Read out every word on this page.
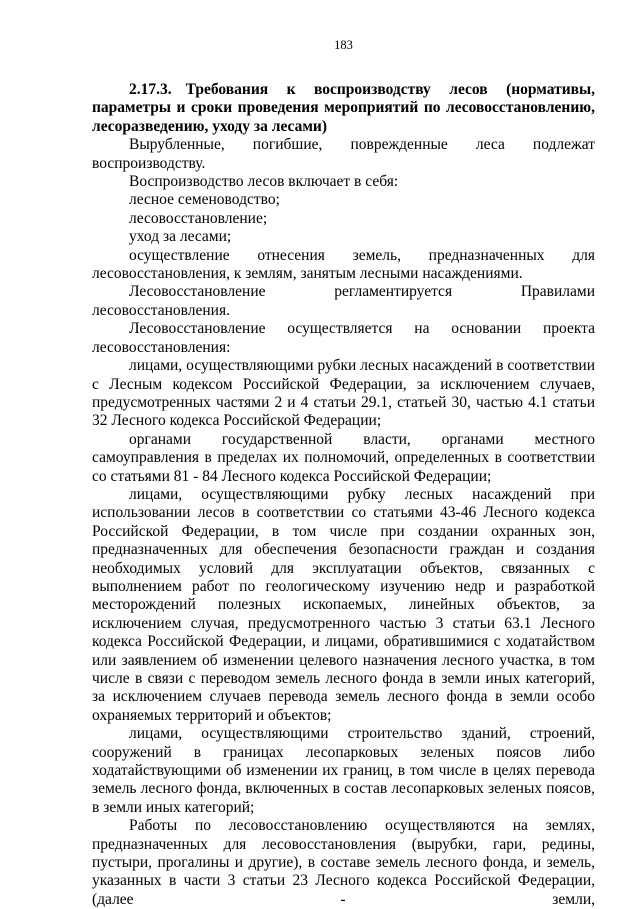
183
2.17.3. Требования к воспроизводству лесов (нормативы, параметры и сроки проведения мероприятий по лесовосстановлению, лесоразведению, уходу за лесами)

Вырубленные, погибшие, поврежденные леса подлежат воспроизводству.

Воспроизводство лесов включает в себя:

лесное семеноводство;

лесовосстановление;

уход за лесами;

осуществление отнесения земель, предназначенных для лесовосстановления, к землям, занятым лесными насаждениями.

Лесовосстановление регламентируется Правилами лесовосстановления.

Лесовосстановление осуществляется на основании проекта лесовосстановления:

лицами, осуществляющими рубки лесных насаждений в соответствии с Лесным кодексом Российской Федерации, за исключением случаев, предусмотренных частями 2 и 4 статьи 29.1, статьей 30, частью 4.1 статьи 32 Лесного кодекса Российской Федерации;

органами государственной власти, органами местного самоуправления в пределах их полномочий, определенных в соответствии со статьями 81 - 84 Лесного кодекса Российской Федерации;

лицами, осуществляющими рубку лесных насаждений при использовании лесов в соответствии со статьями 43-46 Лесного кодекса Российской Федерации, в том числе при создании охранных зон, предназначенных для обеспечения безопасности граждан и создания необходимых условий для эксплуатации объектов, связанных с выполнением работ по геологическому изучению недр и разработкой месторождений полезных ископаемых, линейных объектов, за исключением случая, предусмотренного частью 3 статьи 63.1 Лесного кодекса Российской Федерации, и лицами, обратившимися с ходатайством или заявлением об изменении целевого назначения лесного участка, в том числе в связи с переводом земель лесного фонда в земли иных категорий, за исключением случаев перевода земель лесного фонда в земли особо охраняемых территорий и объектов;

лицами, осуществляющими строительство зданий, строений, сооружений в границах лесопарковых зеленых поясов либо ходатайствующими об изменении их границ, в том числе в целях перевода земель лесного фонда, включенных в состав лесопарковых зеленых поясов, в земли иных категорий;

Работы по лесовосстановлению осуществляются на землях, предназначенных для лесовосстановления (вырубки, гари, редины, пустыри, прогалины и другие), в составе земель лесного фонда, и земель, указанных в части 3 статьи 23 Лесного кодекса Российской Федерации, (далее - земли,
